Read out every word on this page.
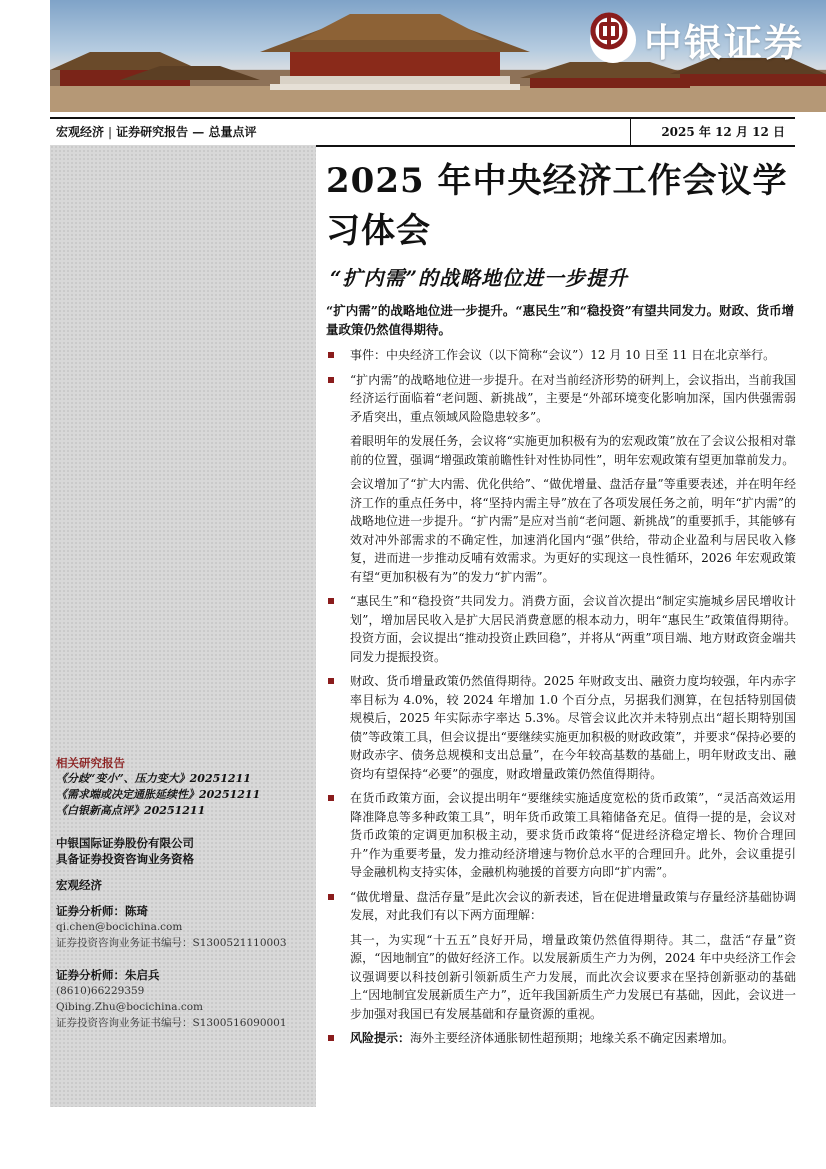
中银证券
宏观经济 | 证券研究报告 — 总量点评	2025 年 12 月 12 日
相关研究报告
《分歧“变小”、压力变大》20251211
《需求端或决定通胀延续性》20251211
《白银新高点评》20251211
中银国际证券股份有限公司
具备证券投资咨询业务资格
宏观经济
证券分析师：陈琦
qi.chen@bocichina.com
证券投资咨询业务证书编号：S1300521110003
证券分析师：朱启兵
(8610)66229359
Qibing.Zhu@bocichina.com
证券投资咨询业务证书编号：S1300516090001
2025 年中央经济工作会议学习体会
“扩内需”的战略地位进一步提升
“扩内需”的战略地位进一步提升。“惠民生”和“稳投资”有望共同发力。财政、货币增量政策仍然值得期待。
事件：中央经济工作会议（以下简称“会议”）12 月 10 日至 11 日在北京举行。
“扩内需”的战略地位进一步提升。在对当前经济形势的研判上，会议指出，当前我国经济运行面临着“老问题、新挑战”，主要是“外部环境变化影响加深，国内供强需弱矛盾突出，重点领域风险隐患较多”。
着眼明年的发展任务，会议将“实施更加积极有为的宏观政策”放在了会议公报相对靠前的位置，强调“增强政策前瞻性针对性协同性”，明年宏观政策有望更加靠前发力。
会议增加了“扩大内需、优化供给”、“做优增量、盘活存量”等重要表述，并在明年经济工作的重点任务中，将“坚持内需主导”放在了各项发展任务之前，明年“扩内需”的战略地位进一步提升。“扩内需”是应对当前“老问题、新挑战”的重要抓手，其能够有效对冲外部需求的不确定性，加速消化国内“强”供给，带动企业盈利与居民收入修复，进而进一步推动反哺有效需求。为更好的实现这一良性循环，2026 年宏观政策有望“更加积极有为”的发力“扩内需”。
“惠民生”和“稳投资”共同发力。消费方面，会议首次提出“制定实施城乡居民增收计划”，增加居民收入是扩大居民消费意愿的根本动力，明年“惠民生”政策值得期待。投资方面，会议提出“推动投资止跌回稳”，并将从“两重”项目端、地方财政资金端共同发力提振投资。
财政、货币增量政策仍然值得期待。2025 年财政支出、融资力度均较强，年内赤字率目标为 4.0%，较 2024 年增加 1.0 个百分点，另据我们测算，在包括特别国债规模后，2025 年实际赤字率达 5.3%。尽管会议此次并未特别点出“超长期特别国债”等政策工具，但会议提出“要继续实施更加积极的财政政策”，并要求“保持必要的财政赤字、债务总规模和支出总量”，在今年较高基数的基础上，明年财政支出、融资均有望保持“必要”的强度，财政增量政策仍然值得期待。
在货币政策方面，会议提出明年“要继续实施适度宽松的货币政策”，“灵活高效运用降准降息等多种政策工具”，明年货币政策工具箱储备充足。值得一提的是，会议对货币政策的定调更加积极主动，要求货币政策将“促进经济稳定增长、物价合理回升”作为重要考量，发力推动经济增速与物价总水平的合理回升。此外，会议重提引导金融机构支持实体，金融机构驰援的首要方向即“扩内需”。
“做优增量、盘活存量”是此次会议的新表述，旨在促进增量政策与存量经济基础协调发展，对此我们有以下两方面理解：
其一，为实现“十五五”良好开局，增量政策仍然值得期待。其二，盘活“存量”资源，“因地制宜”的做好经济工作。以发展新质生产力为例，2024 年中央经济工作会议强调要以科技创新引领新质生产力发展，而此次会议要求在坚持创新驱动的基础上“因地制宜发展新质生产力”，近年我国新质生产力发展已有基础，因此，会议进一步加强对我国已有发展基础和存量资源的重视。
风险提示：海外主要经济体通胀韧性超预期；地缘关系不确定因素增加。
